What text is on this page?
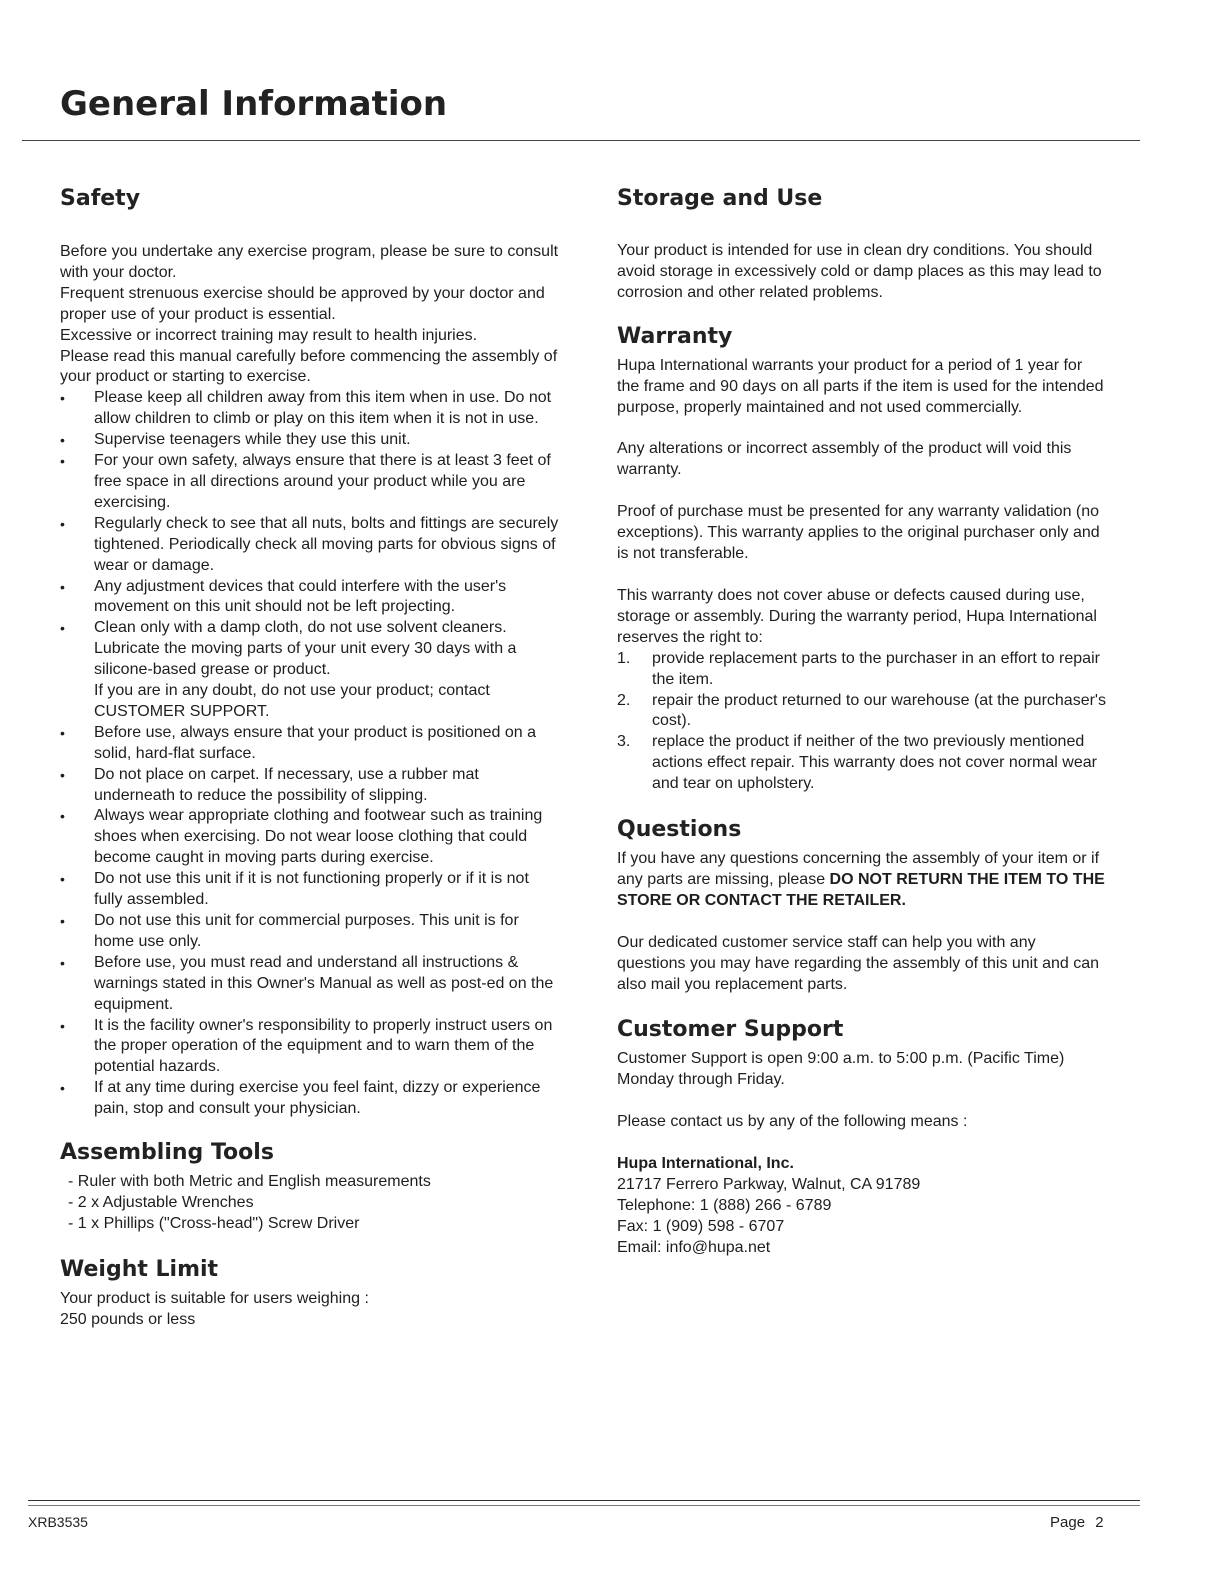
General Information
Safety

Before you undertake any exercise program, please be sure to consult with your doctor.

Frequent strenuous exercise should be approved by your doctor and proper use of your product is essential.

Excessive or incorrect training may result to health injuries.

Please read this manual carefully before commencing the assembly of your product or starting to exercise.

• Please keep all children away from this item when in use. Do not allow children to climb or play on this item when it is not in use.
• Supervise teenagers while they use this unit.
• For your own safety, always ensure that there is at least 3 feet of free space in all directions around your product while you are exercising.
• Regularly check to see that all nuts, bolts and fittings are securely tightened. Periodically check all moving parts for obvious signs of wear or damage.
• Any adjustment devices that could interfere with the user's movement on this unit should not be left projecting.
• Clean only with a damp cloth, do not use solvent cleaners. Lubricate the moving parts of your unit every 30 days with a silicone-based grease or product.
If you are in any doubt, do not use your product; contact CUSTOMER SUPPORT.
• Before use, always ensure that your product is positioned on a solid, hard-flat surface.
• Do not place on carpet. If necessary, use a rubber mat underneath to reduce the possibility of slipping.
• Always wear appropriate clothing and footwear such as training shoes when exercising. Do not wear loose clothing that could become caught in moving parts during exercise.
• Do not use this unit if it is not functioning properly or if it is not fully assembled.
• Do not use this unit for commercial purposes. This unit is for home use only.
• Before use, you must read and understand all instructions & warnings stated in this Owner's Manual as well as post-ed on the equipment.
• It is the facility owner's responsibility to properly instruct users on the proper operation of the equipment and to warn them of the potential hazards.
• If at any time during exercise you feel faint, dizzy or experience pain, stop and consult your physician.
Assembling Tools

- Ruler with both Metric and English measurements

- 2 x Adjustable Wrenches

- 1 x Phillips ("Cross-head") Screw Driver

Weight Limit

Your product is suitable for users weighing :

250 pounds or less

Storage and Use

Your product is intended for use in clean dry conditions. You should avoid storage in excessively cold or damp places as this may lead to corrosion and other related problems.

Warranty

Hupa International warrants your product for a period of 1 year for the frame and 90 days on all parts if the item is used for the intended purpose, properly maintained and not used commercially.

Any alterations or incorrect assembly of the product will void this warranty.

Proof of purchase must be presented for any warranty validation (no exceptions). This warranty applies to the original purchaser only and is not transferable.

This warranty does not cover abuse or defects caused during use, storage or assembly. During the warranty period, Hupa International reserves the right to:

1. provide replacement parts to the purchaser in an effort to repair the item.
2. repair the product returned to our warehouse (at the purchaser's cost).
3. replace the product if neither of the two previously mentioned actions effect repair. This warranty does not cover normal wear and tear on upholstery.
Questions

If you have any questions concerning the assembly of your item or if any parts are missing, please DO NOT RETURN THE ITEM TO THE STORE OR CONTACT THE RETAILER.

Our dedicated customer service staff can help you with any questions you may have regarding the assembly of this unit and can also mail you replacement parts.

Customer Support

Customer Support is open 9:00 a.m. to 5:00 p.m. (Pacific Time) Monday through Friday.

Please contact us by any of the following means :

Hupa International, Inc.

21717 Ferrero Parkway, Walnut, CA 91789

Telephone: 1 (888) 266 - 6789

Fax: 1 (909) 598 - 6707

Email: info@hupa.net

XRB3535	Page 2
